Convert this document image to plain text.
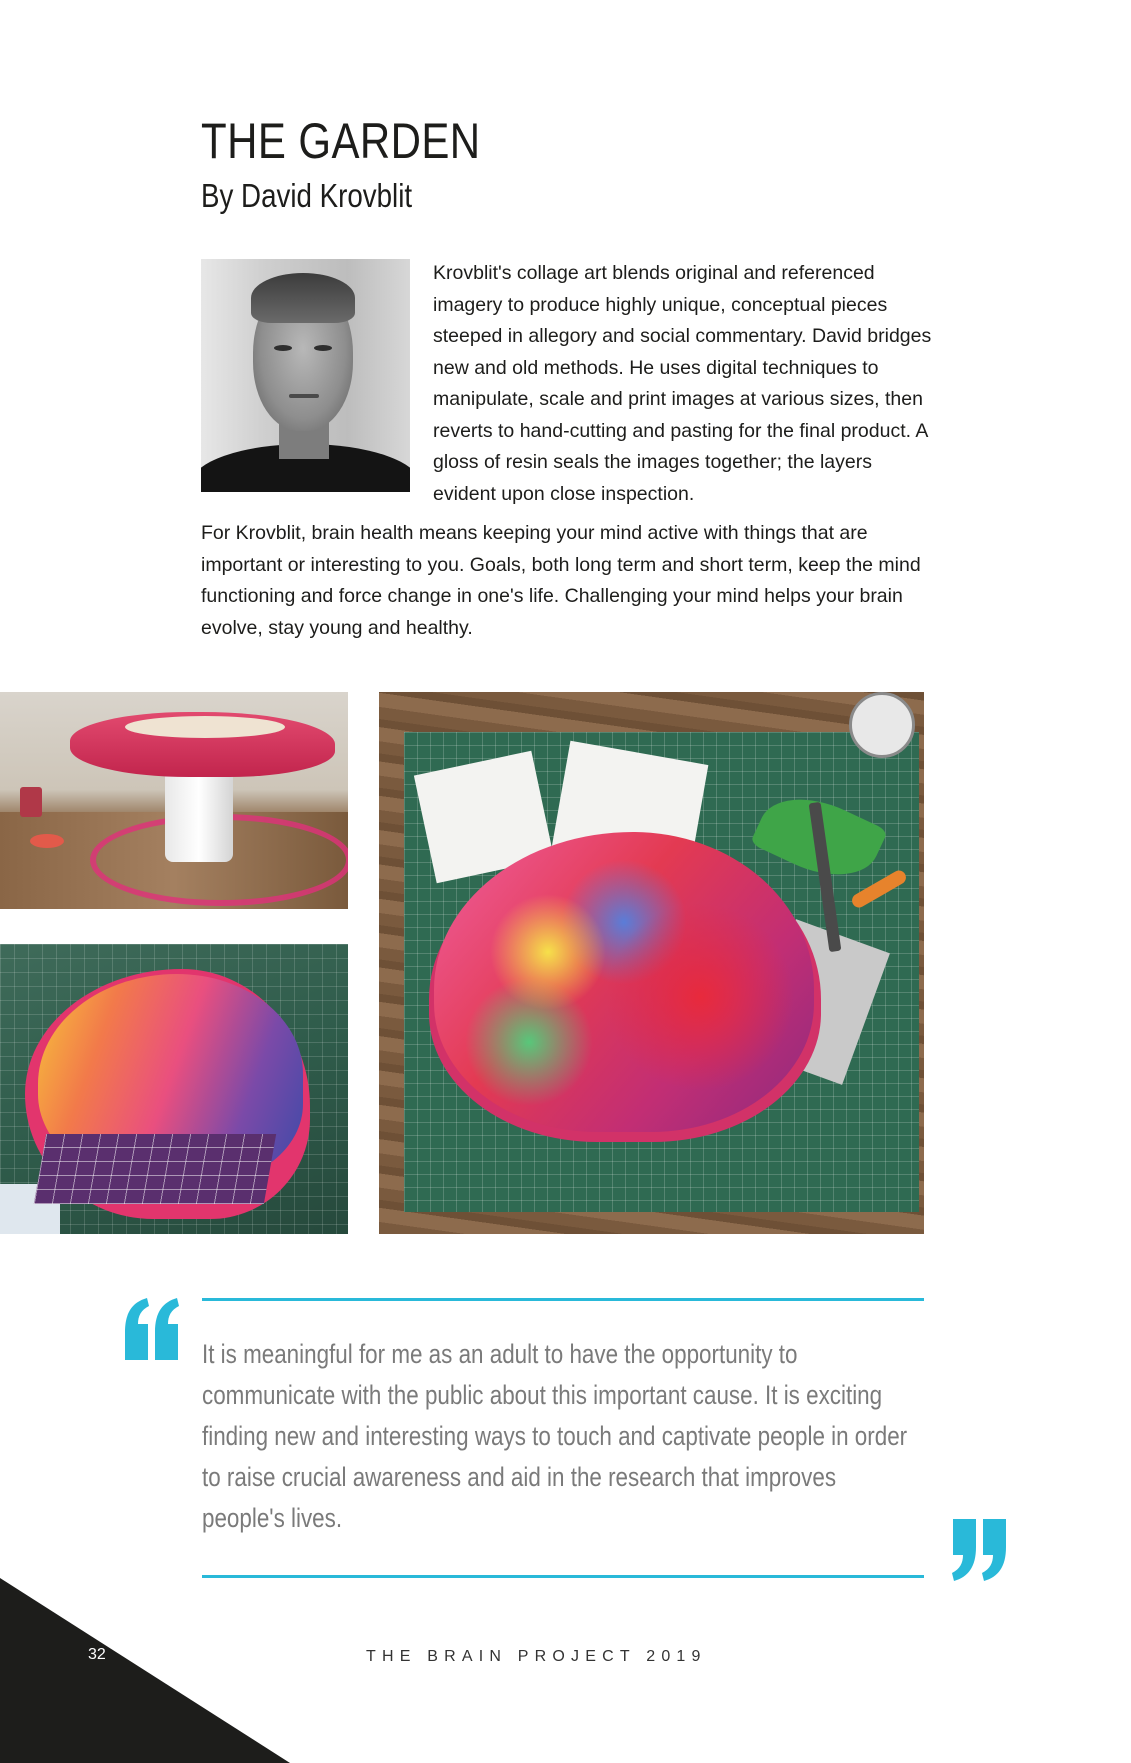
THE GARDEN
By David Krovblit

Krovblit's collage art blends original and referenced imagery to produce highly unique, conceptual pieces steeped in allegory and social commentary. David bridges new and old methods. He uses digital techniques to manipulate, scale and print images at various sizes, then reverts to hand-cutting and pasting for the final product. A gloss of resin seals the images together; the layers evident upon close inspection.

For Krovblit, brain health means keeping your mind active with things that are important or interesting to you. Goals, both long term and short term, keep the mind functioning and force change in one's life. Challenging your mind helps your brain evolve, stay young and healthy.

It is meaningful for me as an adult to have the opportunity to communicate with the public about this important cause. It is exciting finding new and interesting ways to touch and captivate people in order to raise crucial awareness and aid in the research that improves people's lives.

32	THE BRAIN PROJECT 2019
